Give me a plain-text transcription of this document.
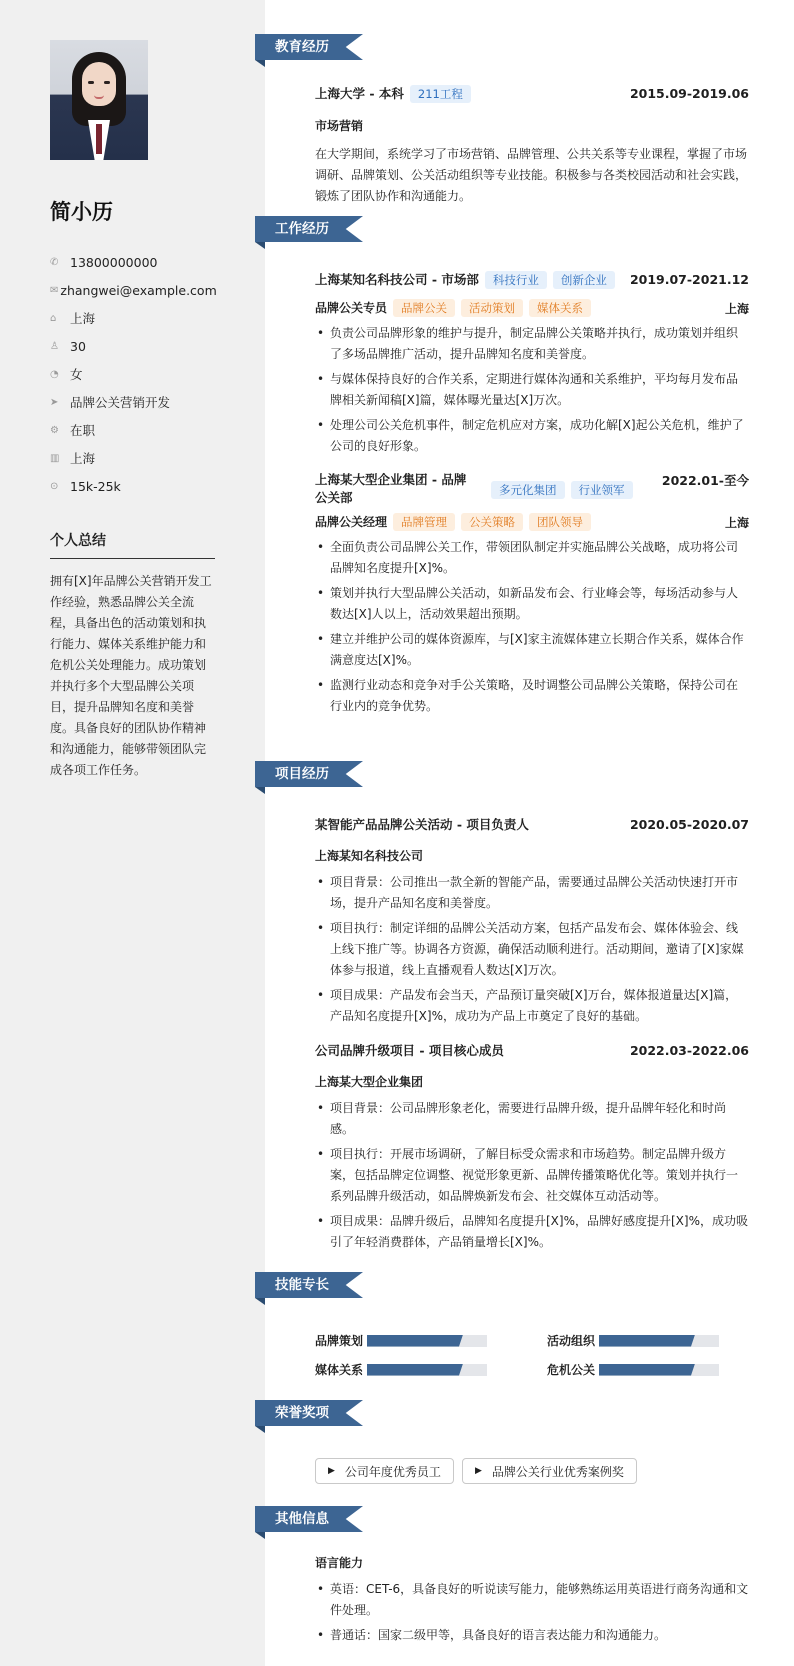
简小历
✆ 13800000000
✉ zhangwei@example.com
⌂	上海
♙ 30
◔ 女
➤ 品牌公关营销开发
⚙ 在职
▥ 上海
⊙ 15k-25k
个人总结
拥有[X]年品牌公关营销开发工作经验，熟悉品牌公关全流程，具备出色的活动策划和执行能力、媒体关系维护能力和危机公关处理能力。成功策划并执行多个大型品牌公关项目，提升品牌知名度和美誉度。具备良好的团队协作精神和沟通能力，能够带领团队完成各项工作任务。
教育经历
上海大学 - 本科 211工程	2015.09-2019.06
市场营销
在大学期间，系统学习了市场营销、品牌管理、公共关系等专业课程，掌握了市场调研、品牌策划、公关活动组织等专业技能。积极参与各类校园活动和社会实践，锻炼了团队协作和沟通能力。
工作经历
上海某知名科技公司 - 市场部 科技行业 创新企业	2019.07-2021.12
品牌公关专员 品牌公关 活动策划 媒体关系	上海
• 负责公司品牌形象的维护与提升，制定品牌公关策略并执行，成功策划并组织了多场品牌推广活动，提升品牌知名度和美誉度。
• 与媒体保持良好的合作关系，定期进行媒体沟通和关系维护，平均每月发布品牌相关新闻稿[X]篇，媒体曝光量达[X]万次。
• 处理公司公关危机事件，制定危机应对方案，成功化解[X]起公关危机，维护了公司的良好形象。
上海某大型企业集团 - 品牌公关部	多元化集团 行业领军
2022.01-至今
品牌公关经理 品牌管理 公关策略 团队领导	上海
• 全面负责公司品牌公关工作，带领团队制定并实施品牌公关战略，成功将公司品牌知名度提升[X]%。
• 策划并执行大型品牌公关活动，如新品发布会、行业峰会等，每场活动参与人数达[X]人以上，活动效果超出预期。
• 建立并维护公司的媒体资源库，与[X]家主流媒体建立长期合作关系，媒体合作满意度达[X]%。
• 监测行业动态和竞争对手公关策略，及时调整公司品牌公关策略，保持公司在行业内的竞争优势。
项目经历
某智能产品品牌公关活动 - 项目负责人	2020.05-2020.07
上海某知名科技公司
• 项目背景：公司推出一款全新的智能产品，需要通过品牌公关活动快速打开市场，提升产品知名度和美誉度。
• 项目执行：制定详细的品牌公关活动方案，包括产品发布会、媒体体验会、线上线下推广等。协调各方资源，确保活动顺利进行。活动期间，邀请了[X]家媒体参与报道，线上直播观看人数达[X]万次。
• 项目成果：产品发布会当天，产品预订量突破[X]万台，媒体报道量达[X]篇，产品知名度提升[X]%，成功为产品上市奠定了良好的基础。
公司品牌升级项目 - 项目核心成员	2022.03-2022.06
上海某大型企业集团
• 项目背景：公司品牌形象老化，需要进行品牌升级，提升品牌年轻化和时尚感。
• 项目执行：开展市场调研，了解目标受众需求和市场趋势。制定品牌升级方案，包括品牌定位调整、视觉形象更新、品牌传播策略优化等。策划并执行一系列品牌升级活动，如品牌焕新发布会、社交媒体互动活动等。
• 项目成果：品牌升级后，品牌知名度提升[X]%，品牌好感度提升[X]%，成功吸引了年轻消费群体，产品销量增长[X]%。
技能专长
品牌策划	活动组织
媒体关系	危机公关
荣誉奖项
▶ 公司年度优秀员工	▶ 品牌公关行业优秀案例奖
其他信息
语言能力
• 英语：CET-6，具备良好的听说读写能力，能够熟练运用英语进行商务沟通和文件处理。
• 普通话：国家二级甲等，具备良好的语言表达能力和沟通能力。
